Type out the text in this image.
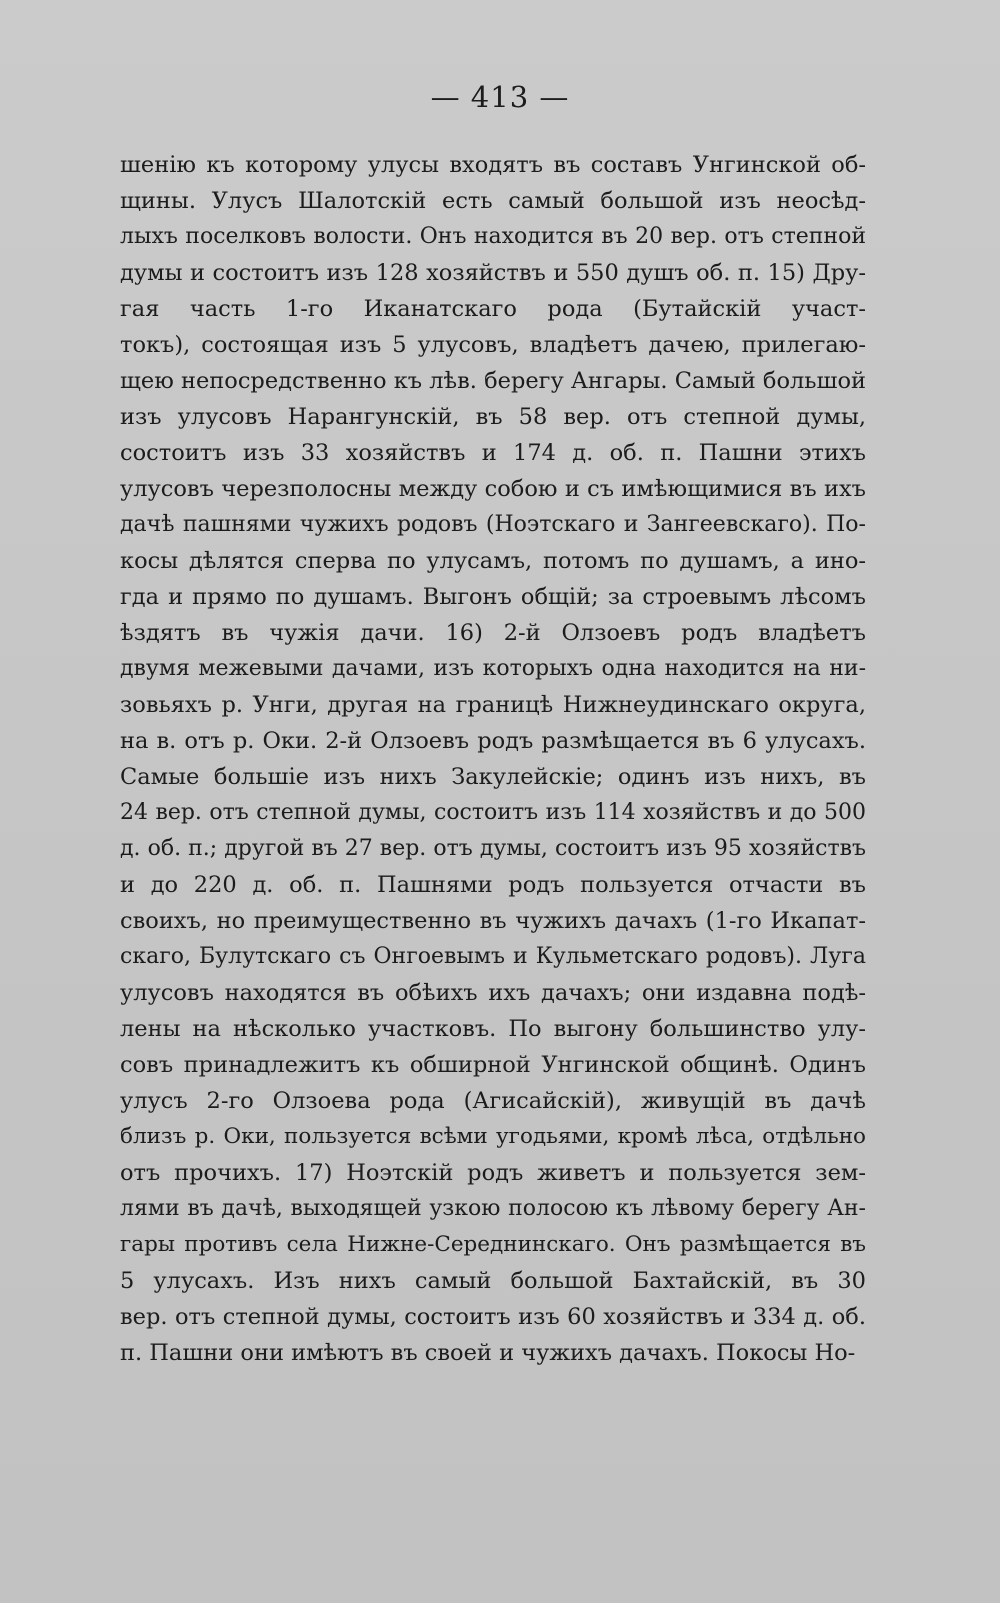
— 413 —
шенію къ которому улусы входятъ въ составъ Унгинской об-
щины. Улусъ Шалотскій есть самый большой изъ неосѣд-
лыхъ поселковъ волости. Онъ находится въ 20 вер. отъ степной
думы и состоитъ изъ 128 хозяйствъ и 550 душъ об. п. 15) Дру-
гая часть 1-го Иканатскаго рода (Бутайскій участ-
токъ), состоящая изъ 5 улусовъ, владѣетъ дачею, прилегаю-
щею непосредственно къ лѣв. берегу Ангары. Самый большой
изъ улусовъ Нарангунскій, въ 58 вер. отъ степной думы,
состоитъ изъ 33 хозяйствъ и 174 д. об. п. Пашни этихъ
улусовъ черезполосны между собою и съ имѣющимися въ ихъ
дачѣ пашнями чужихъ родовъ (Ноэтскаго и Зангеевскаго). По-
косы дѣлятся сперва по улусамъ, потомъ по душамъ, а ино-
гда и прямо по душамъ. Выгонъ общій; за строевымъ лѣсомъ
ѣздятъ въ чужія дачи. 16) 2-й Олзоевъ родъ владѣетъ
двумя межевыми дачами, изъ которыхъ одна находится на ни-
зовьяхъ р. Унги, другая на границѣ Нижнеудинскаго округа,
на в. отъ р. Оки. 2-й Олзоевъ родъ размѣщается въ 6 улусахъ.
Самые большіе изъ нихъ Закулейскіе; одинъ изъ нихъ, въ
24 вер. отъ степной думы, состоитъ изъ 114 хозяйствъ и до 500
д. об. п.; другой въ 27 вер. отъ думы, состоитъ изъ 95 хозяйствъ
и до 220 д. об. п. Пашнями родъ пользуется отчасти въ
своихъ, но преимущественно въ чужихъ дачахъ (1-го Икапат-
скаго, Булутскаго съ Онгоевымъ и Кульметскаго родовъ). Луга
улусовъ находятся въ обѣихъ ихъ дачахъ; они издавна подѣ-
лены на нѣсколько участковъ. По выгону большинство улу-
совъ принадлежитъ къ обширной Унгинской общинѣ. Одинъ
улусъ 2-го Олзоева рода (Агисайскій), живущій въ дачѣ
близъ р. Оки, пользуется всѣми угодьями, кромѣ лѣса, отдѣльно
отъ прочихъ. 17) Ноэтскій родъ живетъ и пользуется зем-
лями въ дачѣ, выходящей узкою полосою къ лѣвому берегу Ан-
гары противъ села Нижне-Середнинскаго. Онъ размѣщается въ
5 улусахъ. Изъ нихъ самый большой Бахтайскій, въ 30
вер. отъ степной думы, состоитъ изъ 60 хозяйствъ и 334 д. об.
п. Пашни они имѣютъ въ своей и чужихъ дачахъ. Покосы Но-
